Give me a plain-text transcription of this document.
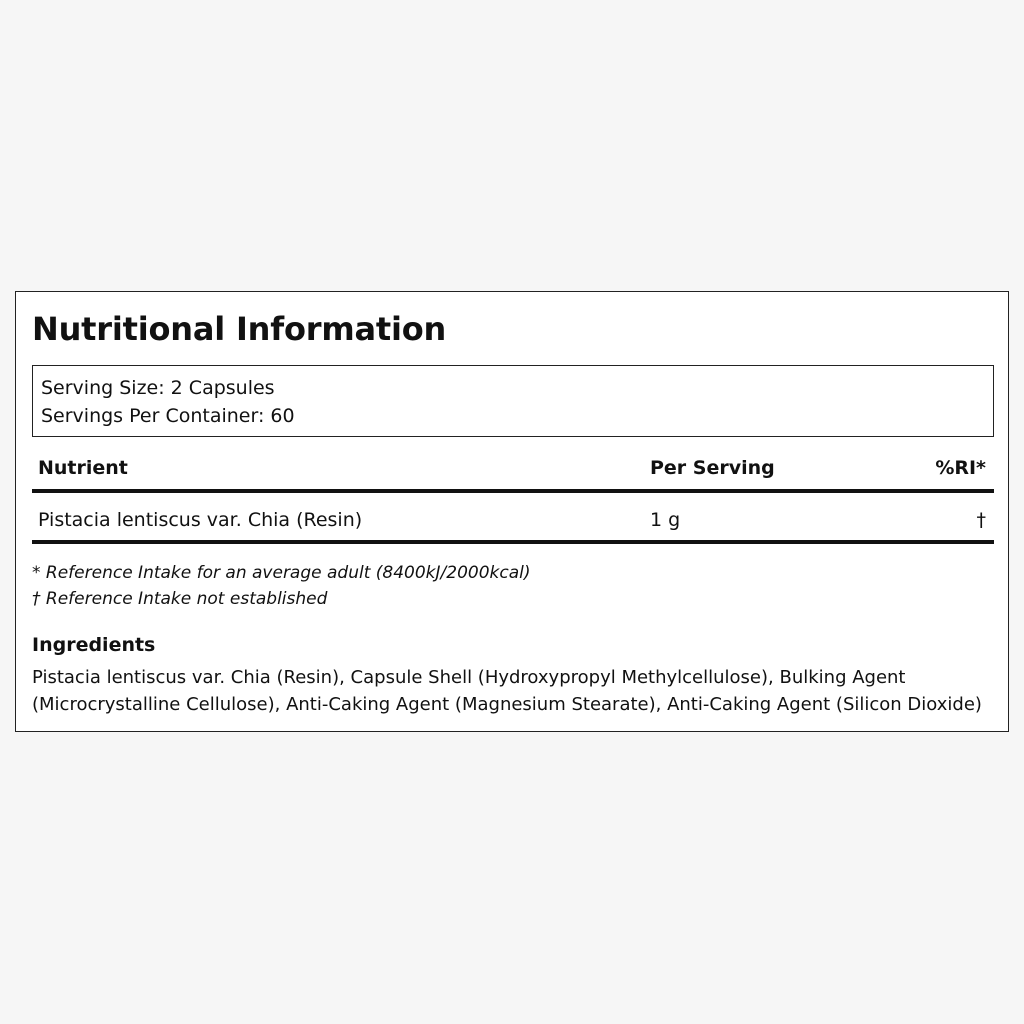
Nutritional Information
Serving Size: 2 Capsules
Servings Per Container: 60
Nutrient	Per Serving	%RI*
Pistacia lentiscus var. Chia (Resin)	1 g	†
* Reference Intake for an average adult (8400kJ/2000kcal)
† Reference Intake not established
Ingredients
Pistacia lentiscus var. Chia (Resin), Capsule Shell (Hydroxypropyl Methylcellulose), Bulking Agent (Microcrystalline Cellulose), Anti-Caking Agent (Magnesium Stearate), Anti-Caking Agent (Silicon Dioxide)
